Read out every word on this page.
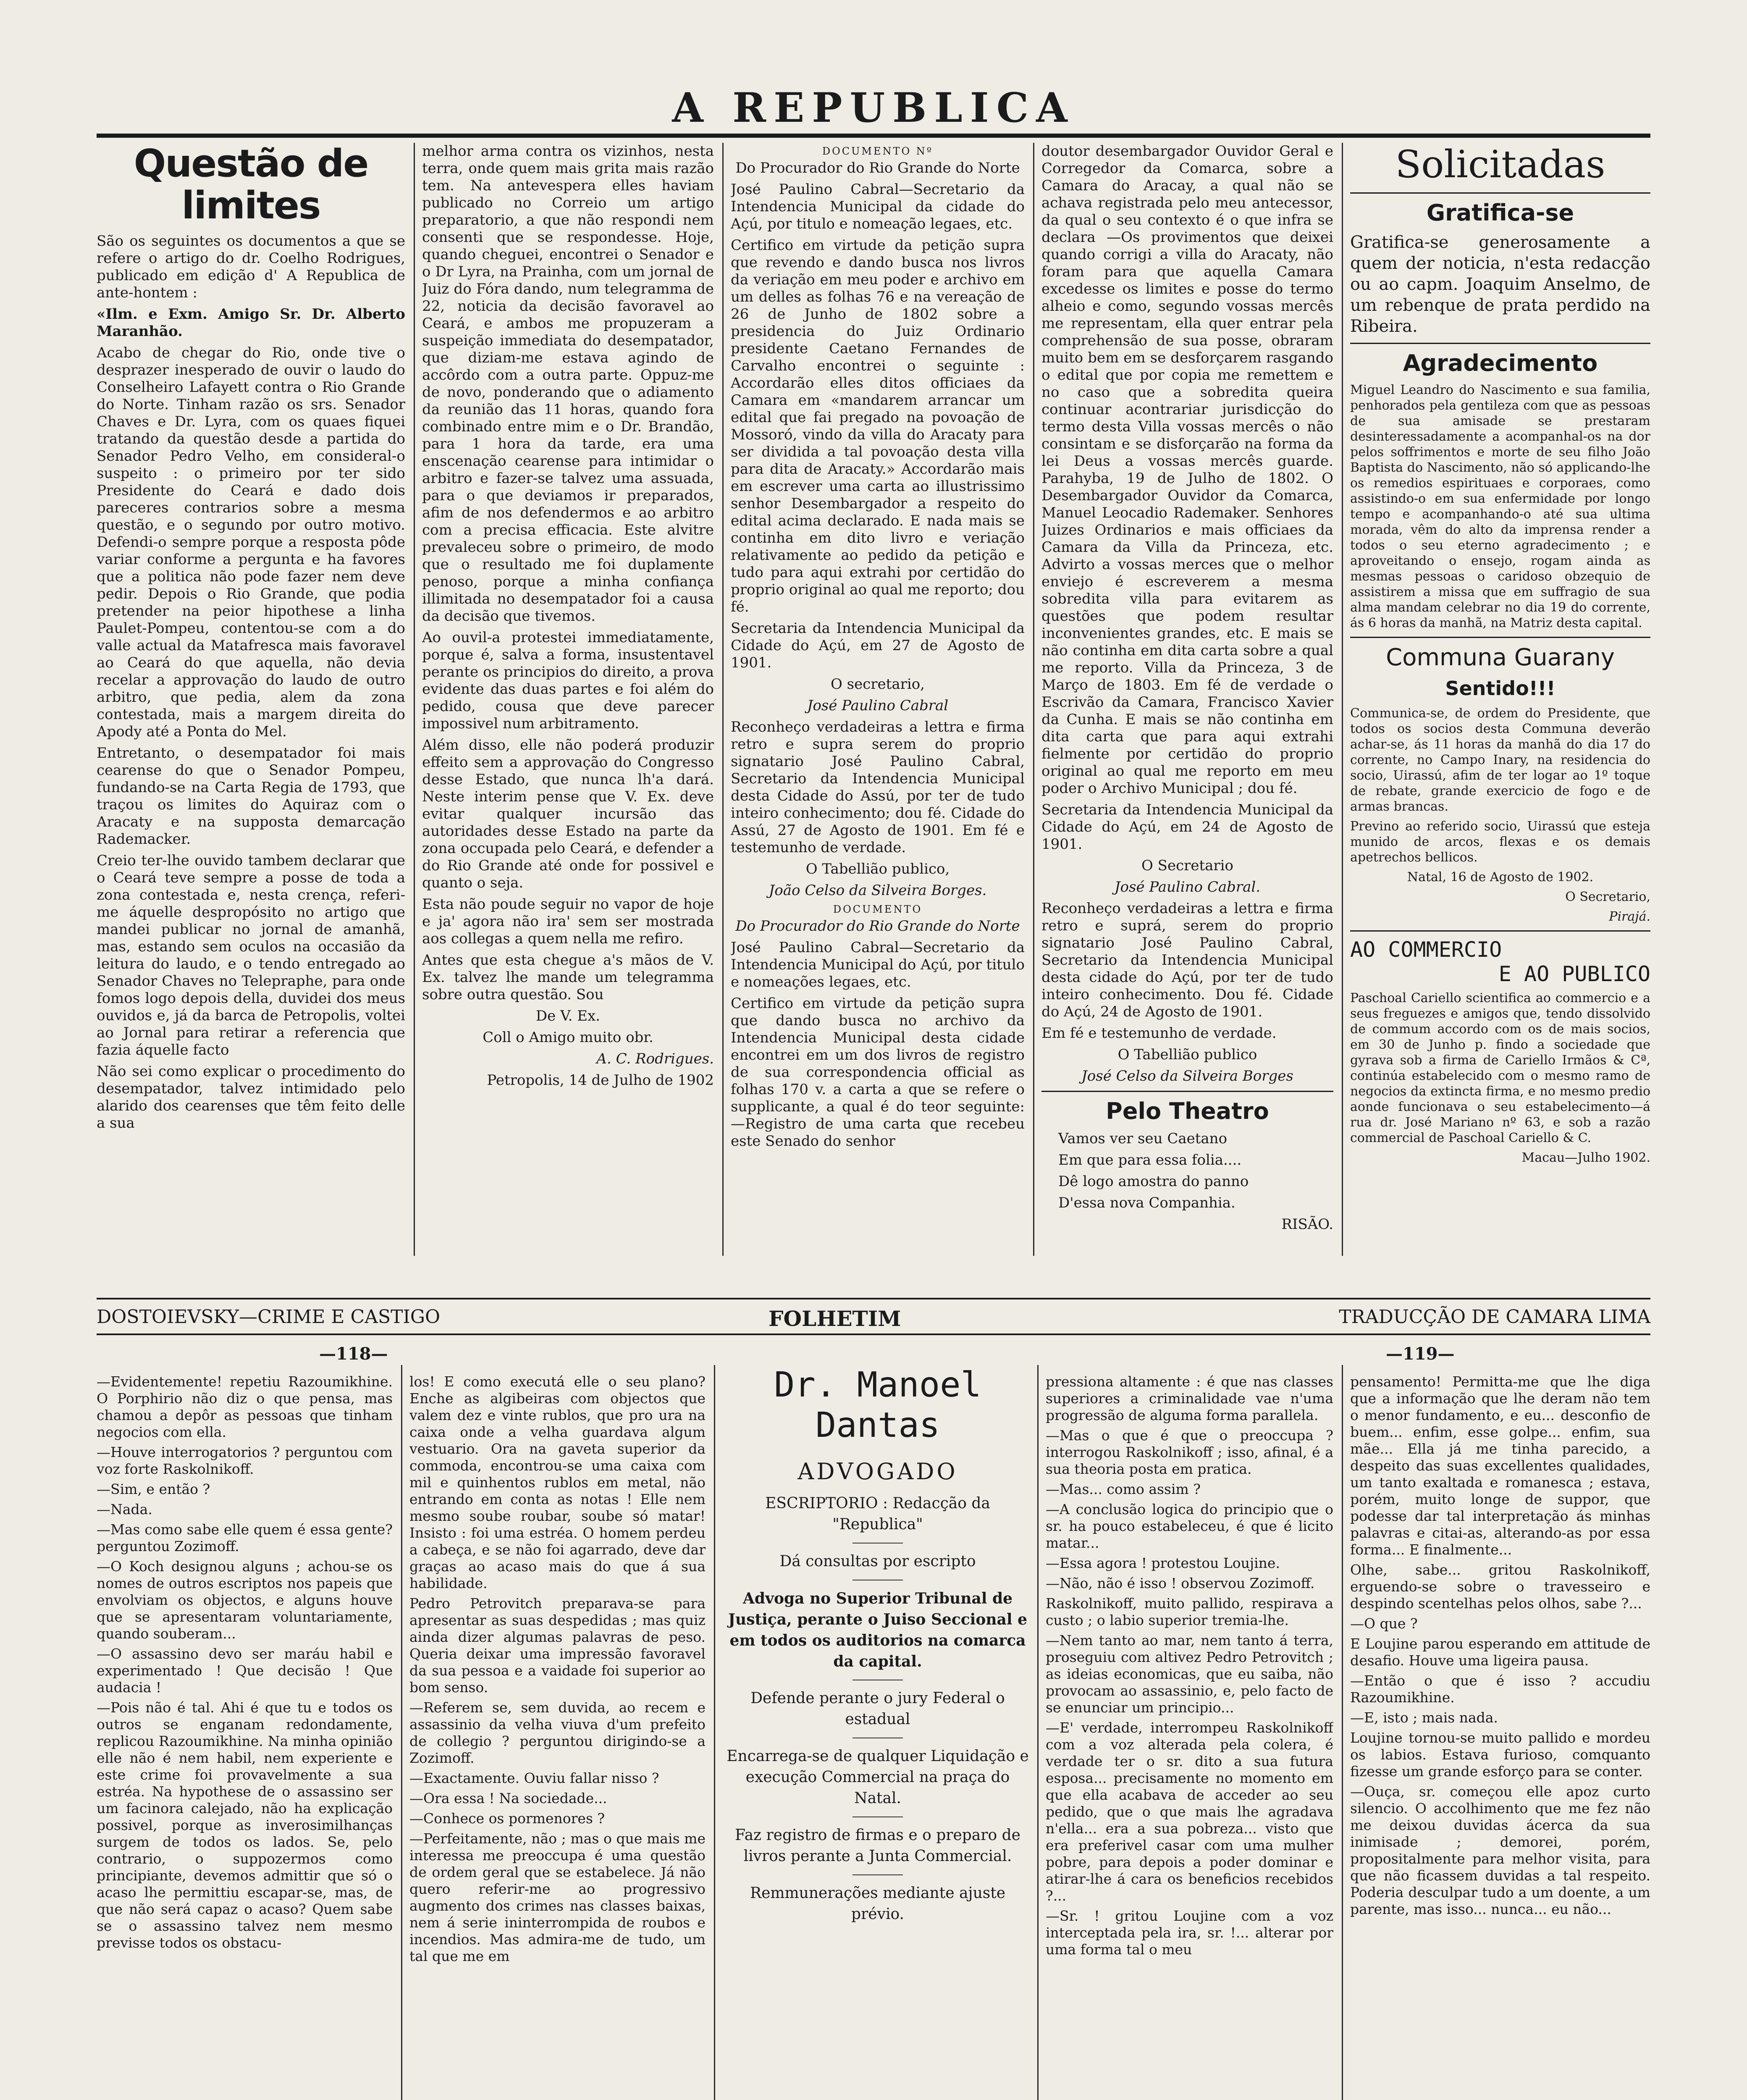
A REPUBLICA
Questão de limites

São os seguintes os documentos a que se refere o artigo do dr. Coelho Rodrigues, publicado em edição d' A Republica de ante-hontem :

«Ilm. e Exm. Amigo Sr. Dr. Alberto Maranhão.

Acabo de chegar do Rio, onde tive o desprazer inesperado de ouvir o laudo do Conselheiro Lafayett contra o Rio Grande do Norte. Tinham razão os srs. Senador Chaves e Dr. Lyra, com os quaes fiquei tratando da questão desde a partida do Senador Pedro Velho, em consideral-o suspeito : o primeiro por ter sido Presidente do Ceará e dado dois pareceres contrarios sobre a mesma questão, e o segundo por outro motivo. Defendi-o sempre porque a resposta pôde variar conforme a pergunta e ha favores que a politica não pode fazer nem deve pedir. Depois o Rio Grande, que podia pretender na peior hipothese a linha Paulet-Pompeu, contentou-se com a do valle actual da Matafresca mais favoravel ao Ceará do que aquella, não devia recelar a approvação do laudo de outro arbitro, que pedia, alem da zona contestada, mais a margem direita do Apody até a Ponta do Mel.

Entretanto, o desempatador foi mais cearense do que o Senador Pompeu, fundando-se na Carta Regia de 1793, que traçou os limites do Aquiraz com o Aracaty e na supposta demarcação Rademacker.

Creio ter-lhe ouvido tambem declarar que o Ceará teve sempre a posse de toda a zona contestada e, nesta crença, referi-me áquelle despropósito no artigo que mandei publicar no jornal de amanhã, mas, estando sem oculos na occasião da leitura do laudo, e o tendo entregado ao Senador Chaves no Telepraphe, para onde fomos logo depois della, duvidei dos meus ouvidos e, já da barca de Petropolis, voltei ao Jornal para retirar a referencia que fazia áquelle facto

Não sei como explicar o procedimento do desempatador, talvez intimidado pelo alarido dos cearenses que têm feito delle a sua

melhor arma contra os vizinhos, nesta terra, onde quem mais grita mais razão tem. Na antevespera elles haviam publicado no Correio um artigo preparatorio, a que não respondi nem consenti que se respondesse. Hoje, quando cheguei, encontrei o Senador e o Dr Lyra, na Prainha, com um jornal de Juiz do Fóra dando, num telegramma de 22, noticia da decisão favoravel ao Ceará, e ambos me propuzeram a suspeição immediata do desempatador, que diziam-me estava agindo de accôrdo com a outra parte. Oppuz-me de novo, ponderando que o adiamento da reunião das 11 horas, quando fora combinado entre mim e o Dr. Brandão, para 1 hora da tarde, era uma enscenação cearense para intimidar o arbitro e fazer-se talvez uma assuada, para o que deviamos ir preparados, afim de nos defendermos e ao arbitro com a precisa efficacia. Este alvitre prevaleceu sobre o primeiro, de modo que o resultado me foi duplamente penoso, porque a minha confiança illimitada no desempatador foi a causa da decisão que tivemos.

Ao ouvil-a protestei immediatamente, porque é, salva a forma, insustentavel perante os principios do direito, a prova evidente das duas partes e foi além do pedido, cousa que deve parecer impossivel num arbitramento.

Além disso, elle não poderá produzir effeito sem a approvação do Congresso desse Estado, que nunca lh'a dará. Neste interim pense que V. Ex. deve evitar qualquer incursão das autoridades desse Estado na parte da zona occupada pelo Ceará, e defender a do Rio Grande até onde for possivel e quanto o seja.

Esta não poude seguir no vapor de hoje e ja' agora não ira' sem ser mostrada aos collegas a quem nella me refiro.

Antes que esta chegue a's mãos de V. Ex. talvez lhe mande um telegramma sobre outra questão. Sou

De V. Ex.

Coll o Amigo muito obr.

A. C. Rodrigues.

Petropolis, 14 de Julho de 1902

DOCUMENTO Nº

Do Procurador do Rio Grande do Norte

José Paulino Cabral—Secretario da Intendencia Municipal da cidade do Açú, por titulo e nomeação legaes, etc.

Certifico em virtude da petição supra que revendo e dando busca nos livros da veriação em meu poder e archivo em um delles as folhas 76 e na vereação de 26 de Junho de 1802 sobre a presidencia do Juiz Ordinario presidente Caetano Fernandes de Carvalho encontrei o seguinte : Accordarão elles ditos officiaes da Camara em «mandarem arrancar um edital que fai pregado na povoação de Mossoró, vindo da villa do Aracaty para ser dividida a tal povoação desta villa para dita de Aracaty.» Accordarão mais em escrever uma carta ao illustrissimo senhor Desembargador a respeito do edital acima declarado. E nada mais se continha em dito livro e veriação relativamente ao pedido da petição e tudo para aqui extrahi por certidão do proprio original ao qual me reporto; dou fé.

Secretaria da Intendencia Municipal da Cidade do Açú, em 27 de Agosto de 1901.

O secretario,

José Paulino Cabral

Reconheço verdadeiras a lettra e firma retro e supra serem do proprio signatario José Paulino Cabral, Secretario da Intendencia Municipal desta Cidade do Assú, por ter de tudo inteiro conhecimento; dou fé. Cidade do Assú, 27 de Agosto de 1901. Em fé e testemunho de verdade.

O Tabellião publico,

João Celso da Silveira Borges.

DOCUMENTO

Do Procurador do Rio Grande do Norte

José Paulino Cabral—Secretario da Intendencia Municipal do Açú, por titulo e nomeações legaes, etc.

Certifico em virtude da petição supra que dando busca no archivo da Intendencia Municipal desta cidade encontrei em um dos livros de registro de sua correspondencia official as folhas 170 v. a carta a que se refere o supplicante, a qual é do teor seguinte: —Registro de uma carta que recebeu este Senado do senhor

doutor desembargador Ouvidor Geral e Corregedor da Comarca, sobre a Camara do Aracay, a qual não se achava registrada pelo meu antecessor, da qual o seu contexto é o que infra se declara —Os provimentos que deixei quando corrigi a villa do Aracaty, não foram para que aquella Camara excedesse os limites e posse do termo alheio e como, segundo vossas mercês me representam, ella quer entrar pela comprehensão de sua posse, obraram muito bem em se desforçarem rasgando o edital que por copia me remettem e no caso que a sobredita queira continuar acontrariar jurisdicção do termo desta Villa vossas mercês o não consintam e se disforçarão na forma da lei Deus a vossas mercês guarde. Parahyba, 19 de Julho de 1802. O Desembargador Ouvidor da Comarca, Manuel Leocadio Rademaker. Senhores Juizes Ordinarios e mais officiaes da Camara da Villa da Princeza, etc. Advirto a vossas merces que o melhor enviejo é escreverem a mesma sobredita villa para evitarem as questões que podem resultar inconvenientes grandes, etc. E mais se não continha em dita carta sobre a qual me reporto. Villa da Princeza, 3 de Março de 1803. Em fé de verdade o Escrivão da Camara, Francisco Xavier da Cunha. E mais se não continha em dita carta que para aqui extrahi fielmente por certidão do proprio original ao qual me reporto em meu poder o Archivo Municipal ; dou fé.

Secretaria da Intendencia Municipal da Cidade do Açú, em 24 de Agosto de 1901.

O Secretario

José Paulino Cabral.

Reconheço verdadeiras a lettra e firma retro e suprá, serem do proprio signatario José Paulino Cabral, Secretario da Intendencia Municipal desta cidade do Açú, por ter de tudo inteiro conhecimento. Dou fé. Cidade do Açú, 24 de Agosto de 1901.

Em fé e testemunho de verdade.

O Tabellião publico

José Celso da Silveira Borges

Pelo Theatro

Vamos ver seu Caetano

Em que para essa folia....

Dê logo amostra do panno

D'essa nova Companhia.

RISÃO.

Solicitadas
Gratifica-se

Gratifica-se generosamente a quem der noticia, n'esta redacção ou ao capm. Joaquim Anselmo, de um rebenque de prata perdido na Ribeira.

Agradecimento

Miguel Leandro do Nascimento e sua familia, penhorados pela gentileza com que as pessoas de sua amisade se prestaram desinteressadamente a acompanhal-os na dor pelos soffrimentos e morte de seu filho João Baptista do Nascimento, não só applicando-lhe os remedios espirituaes e corporaes, como assistindo-o em sua enfermidade por longo tempo e acompanhando-o até sua ultima morada, vêm do alto da imprensa render a todos o seu eterno agradecimento ; e aproveitando o ensejo, rogam ainda as mesmas pessoas o caridoso obzequio de assistirem a missa que em suffragio de sua alma mandam celebrar no dia 19 do corrente, ás 6 horas da manhã, na Matriz desta capital.

Communa Guarany
Sentido!!!

Communica-se, de ordem do Presidente, que todos os socios desta Communa deverão achar-se, ás 11 horas da manhã do dia 17 do corrente, no Campo Inary, na residencia do socio, Uirassú, afim de ter logar ao 1º toque de rebate, grande exercicio de fogo e de armas brancas.

Previno ao referido socio, Uirassú que esteja munido de arcos, flexas e os demais apetrechos bellicos.

Natal, 16 de Agosto de 1902.

O Secretario,

Pirajá.

AO COMMERCIO
E AO PUBLICO

Paschoal Cariello scientifica ao commercio e a seus freguezes e amigos que, tendo dissolvido de commum accordo com os de mais socios, em 30 de Junho p. findo a sociedade que gyrava sob a firma de Cariello Irmãos & Cª, continúa estabelecido com o mesmo ramo de negocios da extincta firma, e no mesmo predio aonde funcionava o seu estabelecimento—á rua dr. José Mariano nº 63, e sob a razão commercial de Paschoal Cariello & C.

Macau—Julho 1902.

DOSTOIEVSKY—CRIME E CASTIGO	FOLHETIM	TRADUCÇÃO DE CAMARA LIMA
—118—	—119—

—Evidentemente! repetiu Razoumikhine. O Porphirio não diz o que pensa, mas chamou a depôr as pessoas que tinham negocios com ella.

—Houve interrogatorios ? perguntou com voz forte Raskolnikoff.

—Sim, e então ?

—Nada.

—Mas como sabe elle quem é essa gente? perguntou Zozimoff.

—O Koch designou alguns ; achou-se os nomes de outros escriptos nos papeis que envolviam os objectos, e alguns houve que se apresentaram voluntariamente, quando souberam...

—O assassino devo ser maráu habil e experimentado ! Que decisão ! Que audacia !

—Pois não é tal. Ahi é que tu e todos os outros se enganam redondamente, replicou Razoumikhine. Na minha opinião elle não é nem habil, nem experiente e este crime foi provavelmente a sua estréa. Na hypothese de o assassino ser um facinora calejado, não ha explicação possivel, porque as inverosimilhanças surgem de todos os lados. Se, pelo contrario, o suppozermos como principiante, devemos admittir que só o acaso lhe permittiu escapar-se, mas, de que não será capaz o acaso? Quem sabe se o assassino talvez nem mesmo previsse todos os obstacu-

los! E como executá elle o seu plano? Enche as algibeiras com objectos que valem dez e vinte rublos, que pro ura na caixa onde a velha guardava algum vestuario. Ora na gaveta superior da commoda, encontrou-se uma caixa com mil e quinhentos rublos em metal, não entrando em conta as notas ! Elle nem mesmo soube roubar, soube só matar! Insisto : foi uma estréa. O homem perdeu a cabeça, e se não foi agarrado, deve dar graças ao acaso mais do que á sua habilidade.

Pedro Petrovitch preparava-se para apresentar as suas despedidas ; mas quiz ainda dizer algumas palavras de peso. Queria deixar uma impressão favoravel da sua pessoa e a vaidade foi superior ao bom senso.

—Referem se, sem duvida, ao recem e assassinio da velha viuva d'um prefeito de collegio ? perguntou dirigindo-se a Zozimoff.

—Exactamente. Ouviu fallar nisso ?

—Ora essa ! Na sociedade...

—Conhece os pormenores ?

—Perfeitamente, não ; mas o que mais me interessa me preoccupa é uma questão de ordem geral que se estabelece. Já não quero referir-me ao progressivo augmento dos crimes nas classes baixas, nem á serie ininterrompida de roubos e incendios. Mas admira-me de tudo, um tal que me em

Dr. Manoel Dantas
ADVOGADO

ESCRIPTORIO : Redacção da "Republica"

Dá consultas por escripto

Advoga no Superior Tribunal de Justiça, perante o Juiso Seccional e em todos os auditorios na comarca da capital.

Defende perante o jury Federal o estadual

Encarrega-se de qualquer Liquidação e execução Commercial na praça do Natal.

Faz registro de firmas e o preparo de livros perante a Junta Commercial.

Remmunerações mediante ajuste prévio.

pressiona altamente : é que nas classes superiores a criminalidade vae n'uma progressão de alguma forma parallela.

—Mas o que é que o preoccupa ? interrogou Raskolnikoff ; isso, afinal, é a sua theoria posta em pratica.

—Mas... como assim ?

—A conclusão logica do principio que o sr. ha pouco estabeleceu, é que é licito matar...

—Essa agora ! protestou Loujine.

—Não, não é isso ! observou Zozimoff.

Raskolnikoff, muito pallido, respirava a custo ; o labio superior tremia-lhe.

—Nem tanto ao mar, nem tanto á terra, proseguiu com altivez Pedro Petrovitch ; as ideias economicas, que eu saiba, não provocam ao assassinio, e, pelo facto de se enunciar um principio...

—E' verdade, interrompeu Raskolnikoff com a voz alterada pela colera, é verdade ter o sr. dito a sua futura esposa... precisamente no momento em que ella acabava de acceder ao seu pedido, que o que mais lhe agradava n'ella... era a sua pobreza... visto que era preferivel casar com uma mulher pobre, para depois a poder dominar e atirar-lhe á cara os beneficios recebidos ?...

—Sr. ! gritou Loujine com a voz interceptada pela ira, sr. !... alterar por uma forma tal o meu

pensamento! Permitta-me que lhe diga que a informação que lhe deram não tem o menor fundamento, e eu... desconfio de buem... enfim, esse golpe... enfim, sua mãe... Ella já me tinha parecido, a despeito das suas excellentes qualidades, um tanto exaltada e romanesca ; estava, porém, muito longe de suppor, que podesse dar tal interpretação ás minhas palavras e citai-as, alterando-as por essa forma... E finalmente...

Olhe, sabe... gritou Raskolnikoff, erguendo-se sobre o travesseiro e despindo scentelhas pelos olhos, sabe ?...

—O que ?

E Loujine parou esperando em attitude de desafio. Houve uma ligeira pausa.

—Então o que é isso ? accudiu Razoumikhine.

—E, isto ; mais nada.

Loujine tornou-se muito pallido e mordeu os labios. Estava furioso, comquanto fizesse um grande esforço para se conter.

—Ouça, sr. começou elle apoz curto silencio. O accolhimento que me fez não me deixou duvidas ácerca da sua inimisade ; demorei, porém, propositalmente para melhor visita, para que não ficassem duvidas a tal respeito. Poderia desculpar tudo a um doente, a um parente, mas isso... nunca... eu não...
